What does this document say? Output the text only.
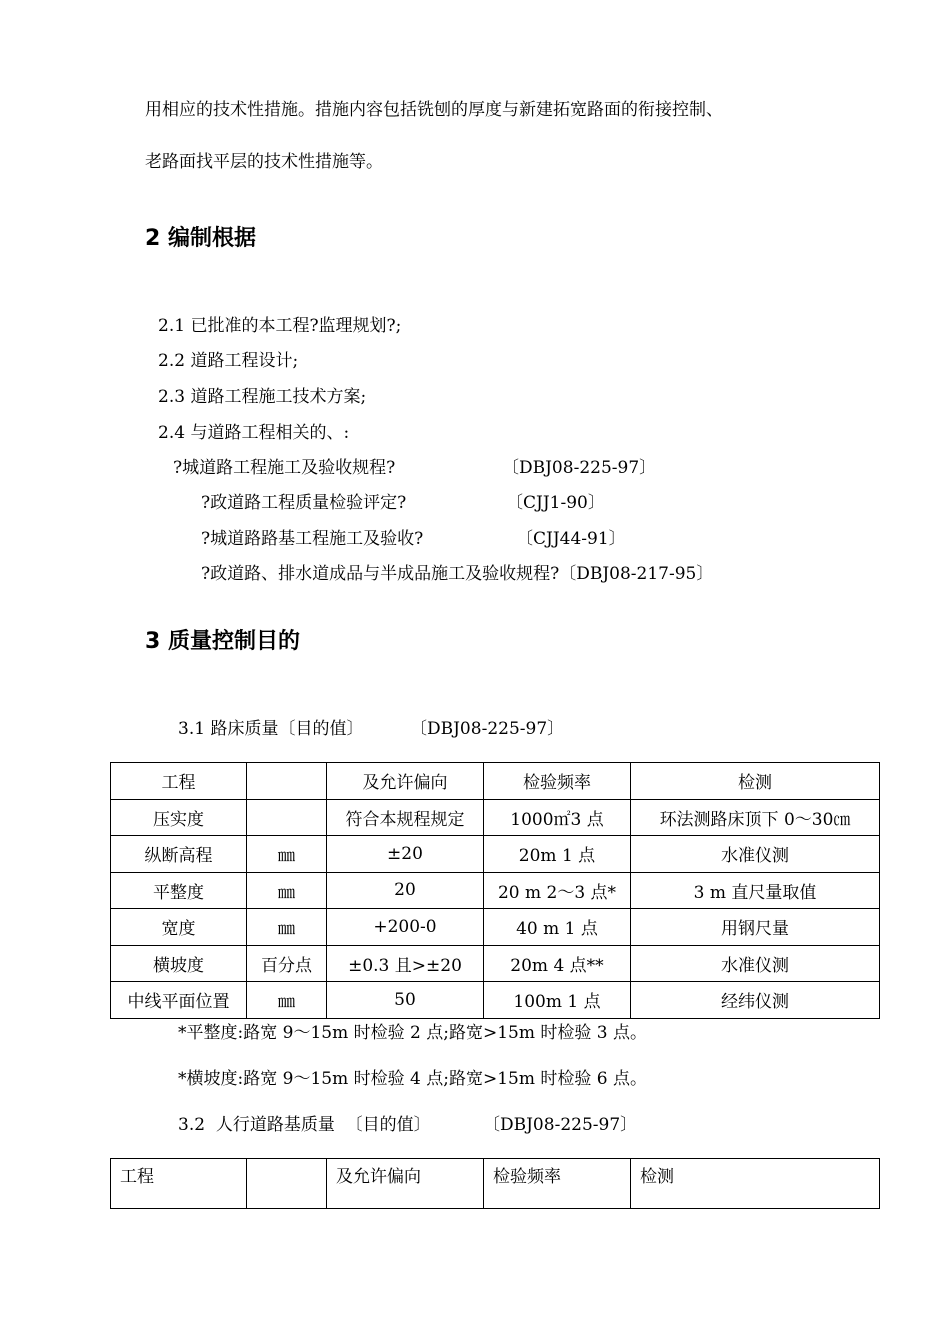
用相应的技术性措施。措施内容包括铣刨的厚度与新建拓宽路面的衔接控制、
老路面找平层的技术性措施等。
2 编制根据
2.1 已批准的本工程?监理规划?;
2.2 道路工程设计;
2.3 道路工程施工技术方案;
2.4 与道路工程相关的、:
?城道路工程施工及验收规程?	〔DBJ08-225-97〕
?政道路工程质量检验评定?	〔CJJ1-90〕
?城道路路基工程施工及验收?	〔CJJ44-91〕
?政道路、排水道成品与半成品施工及验收规程?〔DBJ08-217-95〕
3 质量控制目的
3.1 路床质量〔目的值〕	〔DBJ08-225-97〕
工程		及允许偏向	检验频率	检测
压实度		符合本规程规定	1000㎡3 点	环法测路床顶下 0～30㎝
纵断高程	㎜	±20	20m 1 点	水准仪测
平整度	㎜	20	20 m 2～3 点*	3 m 直尺量取值
宽度	㎜	+200-0	40 m 1 点	用钢尺量
横坡度	百分点	±0.3 且>±20	20m 4 点**	水准仪测
中线平面位置	㎜	50	100m 1 点	经纬仪测
*平整度:路宽 9～15m 时检验 2 点;路宽>15m 时检验 3 点。
*横坡度:路宽 9～15m 时检验 4 点;路宽>15m 时检验 6 点。
3.2  人行道路基质量  〔目的值〕	〔DBJ08-225-97〕
工程		及允许偏向	检验频率	检测
